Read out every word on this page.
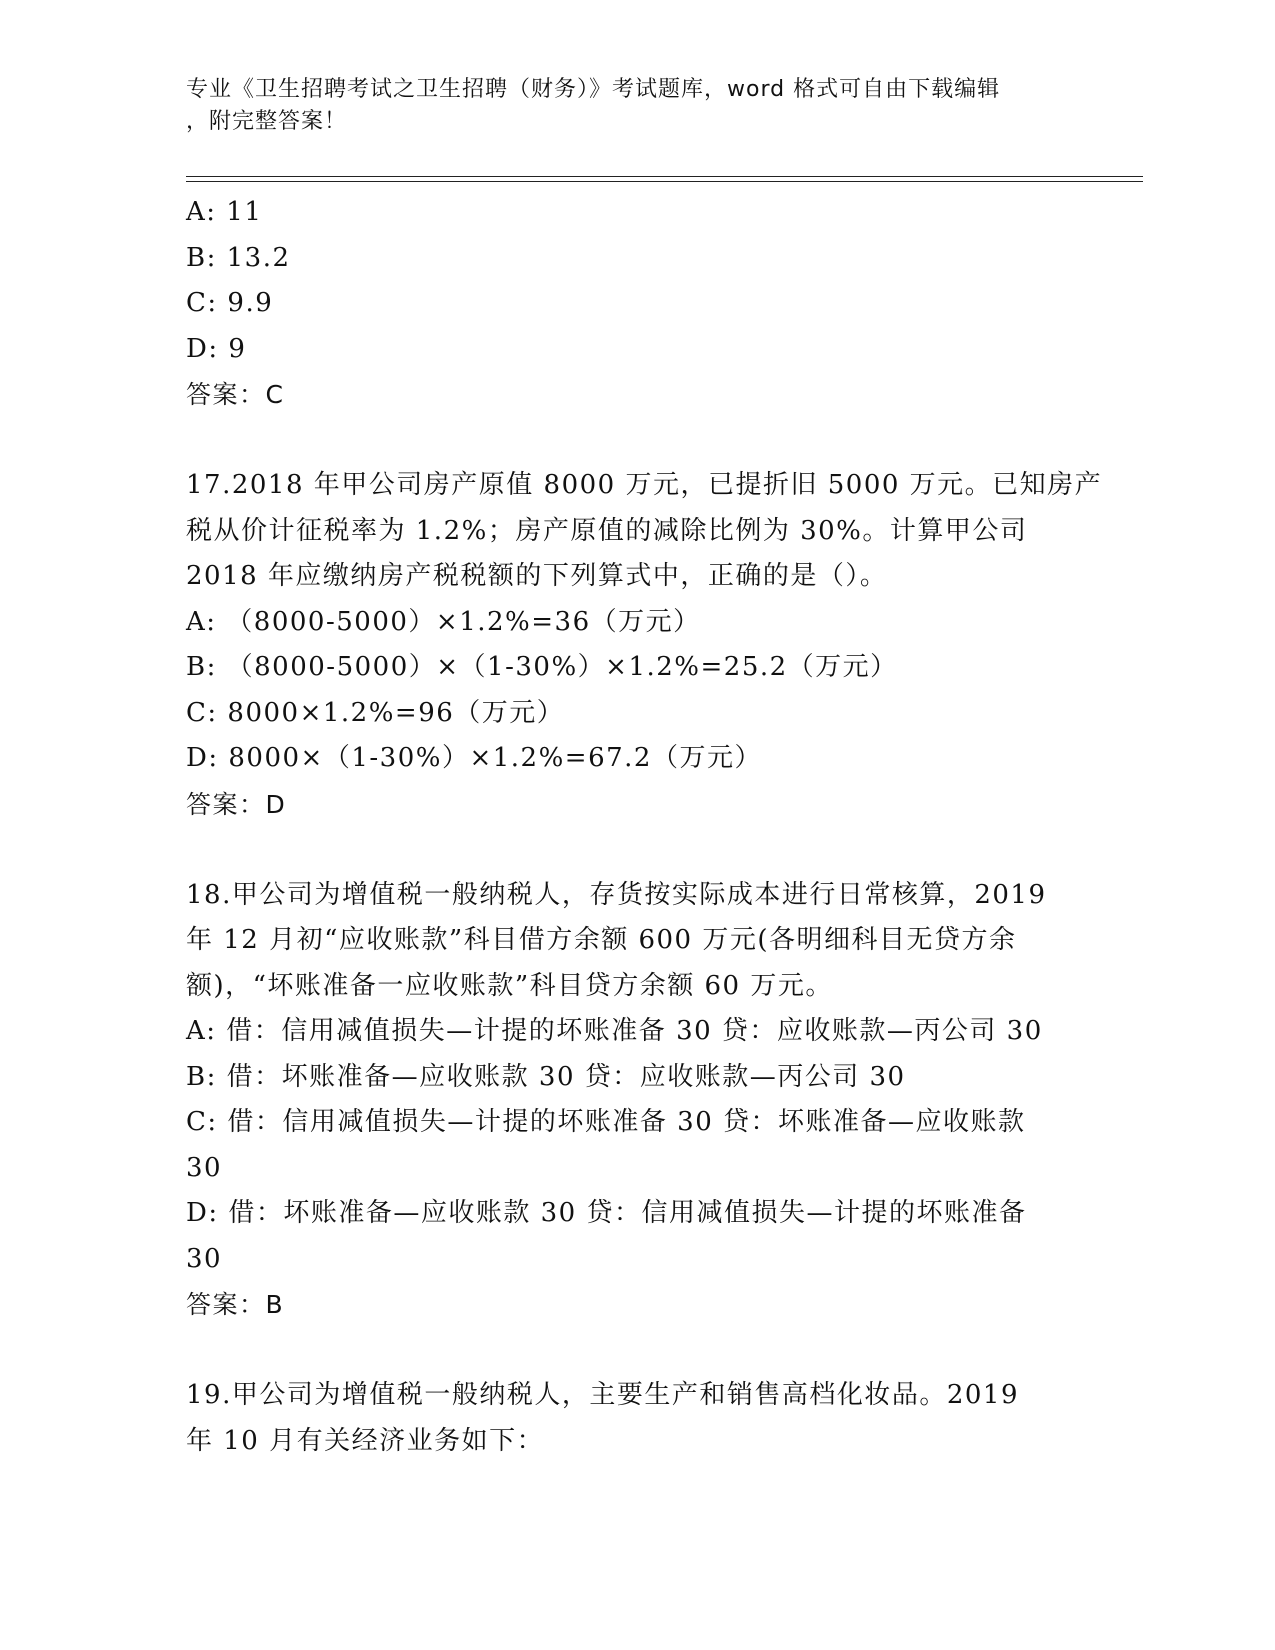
专业《卫生招聘考试之卫生招聘（财务）》考试题库，word 格式可自由下载编辑
，附完整答案！
A: 11
B: 13.2
C: 9.9
D: 9
答案：C
17.2018 年甲公司房产原值 8000 万元，已提折旧 5000 万元。已知房产
税从价计征税率为 1.2%；房产原值的减除比例为 30%。计算甲公司
2018 年应缴纳房产税税额的下列算式中，正确的是（）。
A: （8000-5000）×1.2%=36（万元）
B: （8000-5000）×（1-30%）×1.2%=25.2（万元）
C: 8000×1.2%=96（万元）
D: 8000×（1-30%）×1.2%=67.2（万元）
答案：D
18.甲公司为增值税一般纳税人，存货按实际成本进行日常核算，2019
年 12 月初“应收账款”科目借方余额 600 万元(各明细科目无贷方余
额)，“坏账准备一应收账款”科目贷方余额 60 万元。
A: 借：信用减值损失—计提的坏账准备 30 贷：应收账款—丙公司 30
B: 借：坏账准备—应收账款 30 贷：应收账款—丙公司 30
C: 借：信用减值损失—计提的坏账准备 30 贷：坏账准备—应收账款
30
D: 借：坏账准备—应收账款 30 贷：信用减值损失—计提的坏账准备
30
答案：B
19.甲公司为增值税一般纳税人，主要生产和销售高档化妆品。2019
年 10 月有关经济业务如下：
